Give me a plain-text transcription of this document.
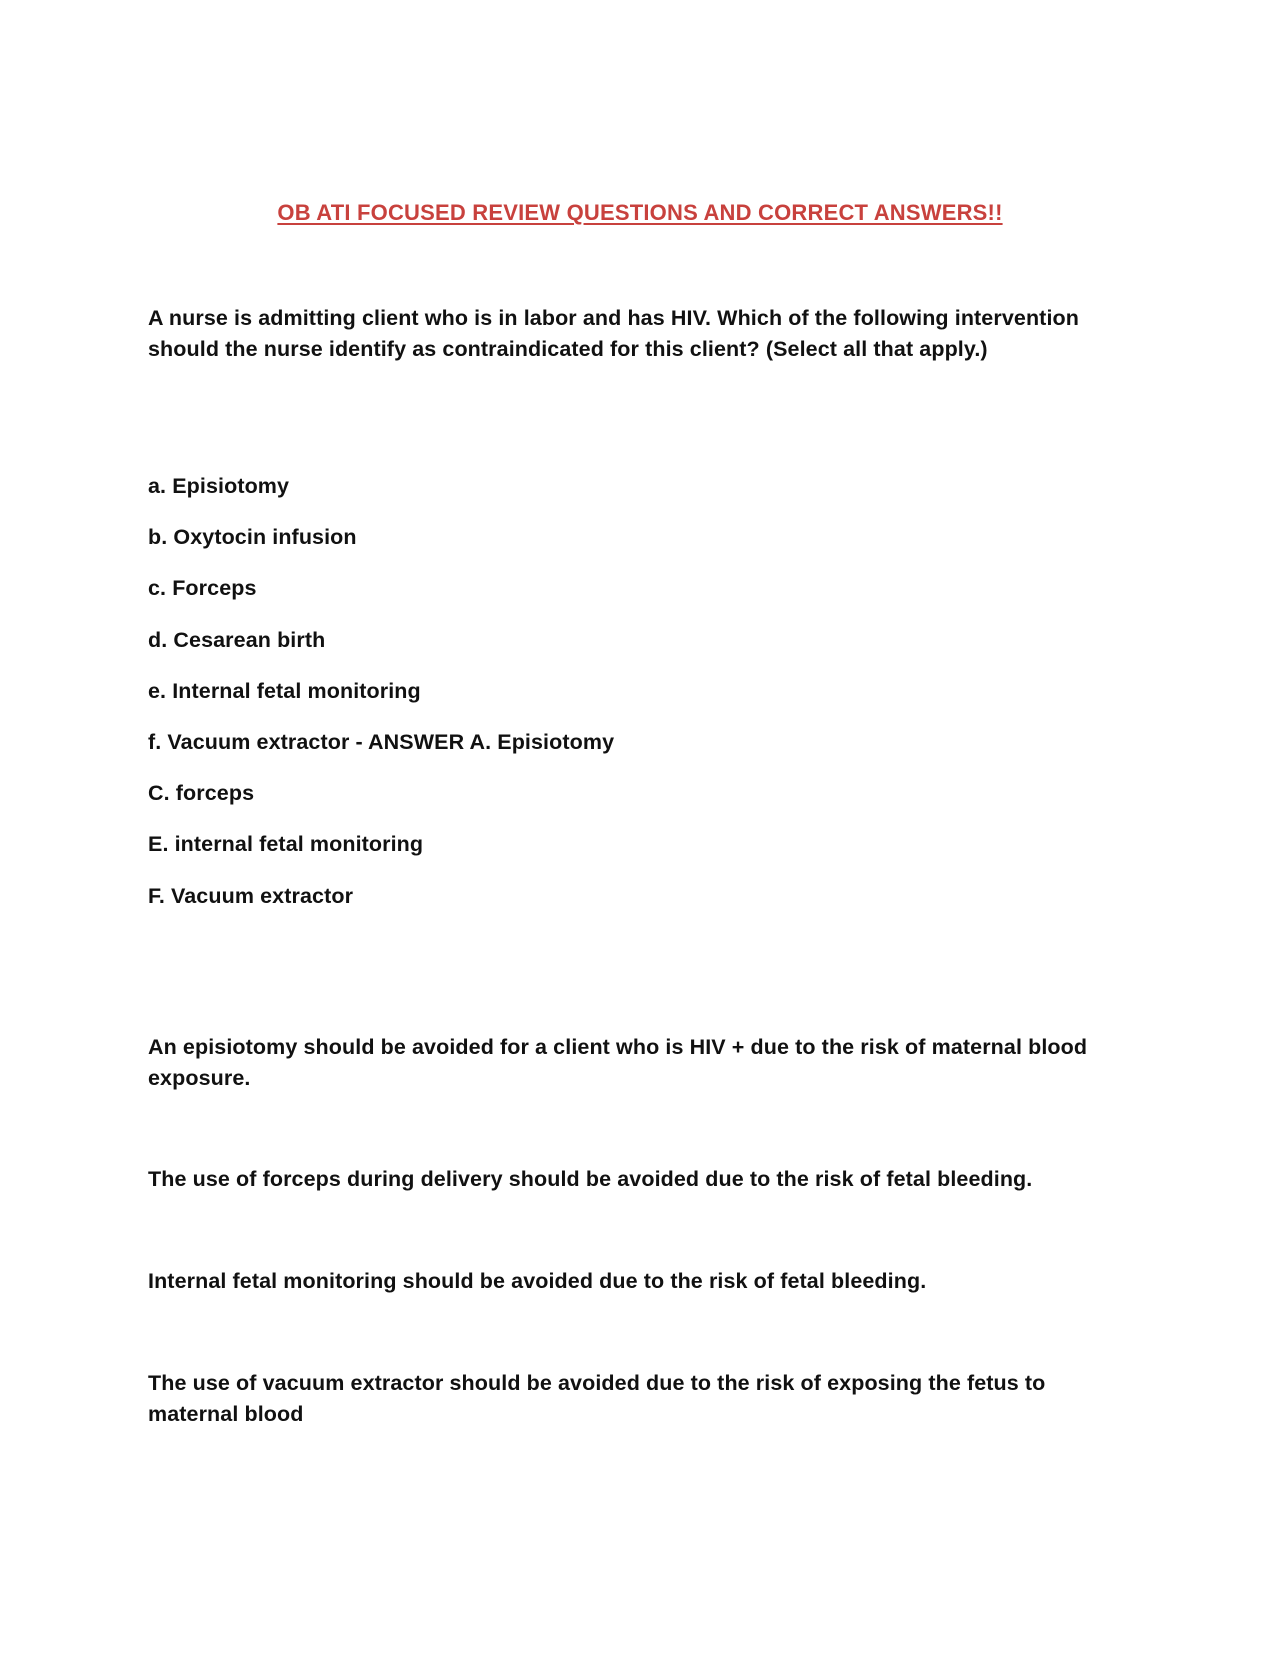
OB ATI FOCUSED REVIEW QUESTIONS AND CORRECT ANSWERS!!
A nurse is admitting client who is in labor and has HIV. Which of the following intervention should the nurse identify as contraindicated for this client? (Select all that apply.)
a. Episiotomy
b. Oxytocin infusion
c. Forceps
d. Cesarean birth
e. Internal fetal monitoring
f. Vacuum extractor - ANSWER A. Episiotomy
C. forceps
E. internal fetal monitoring
F. Vacuum extractor
An episiotomy should be avoided for a client who is HIV + due to the risk of maternal blood exposure.
The use of forceps during delivery should be avoided due to the risk of fetal bleeding.
Internal fetal monitoring should be avoided due to the risk of fetal bleeding.
The use of vacuum extractor should be avoided due to the risk of exposing the fetus to maternal blood
